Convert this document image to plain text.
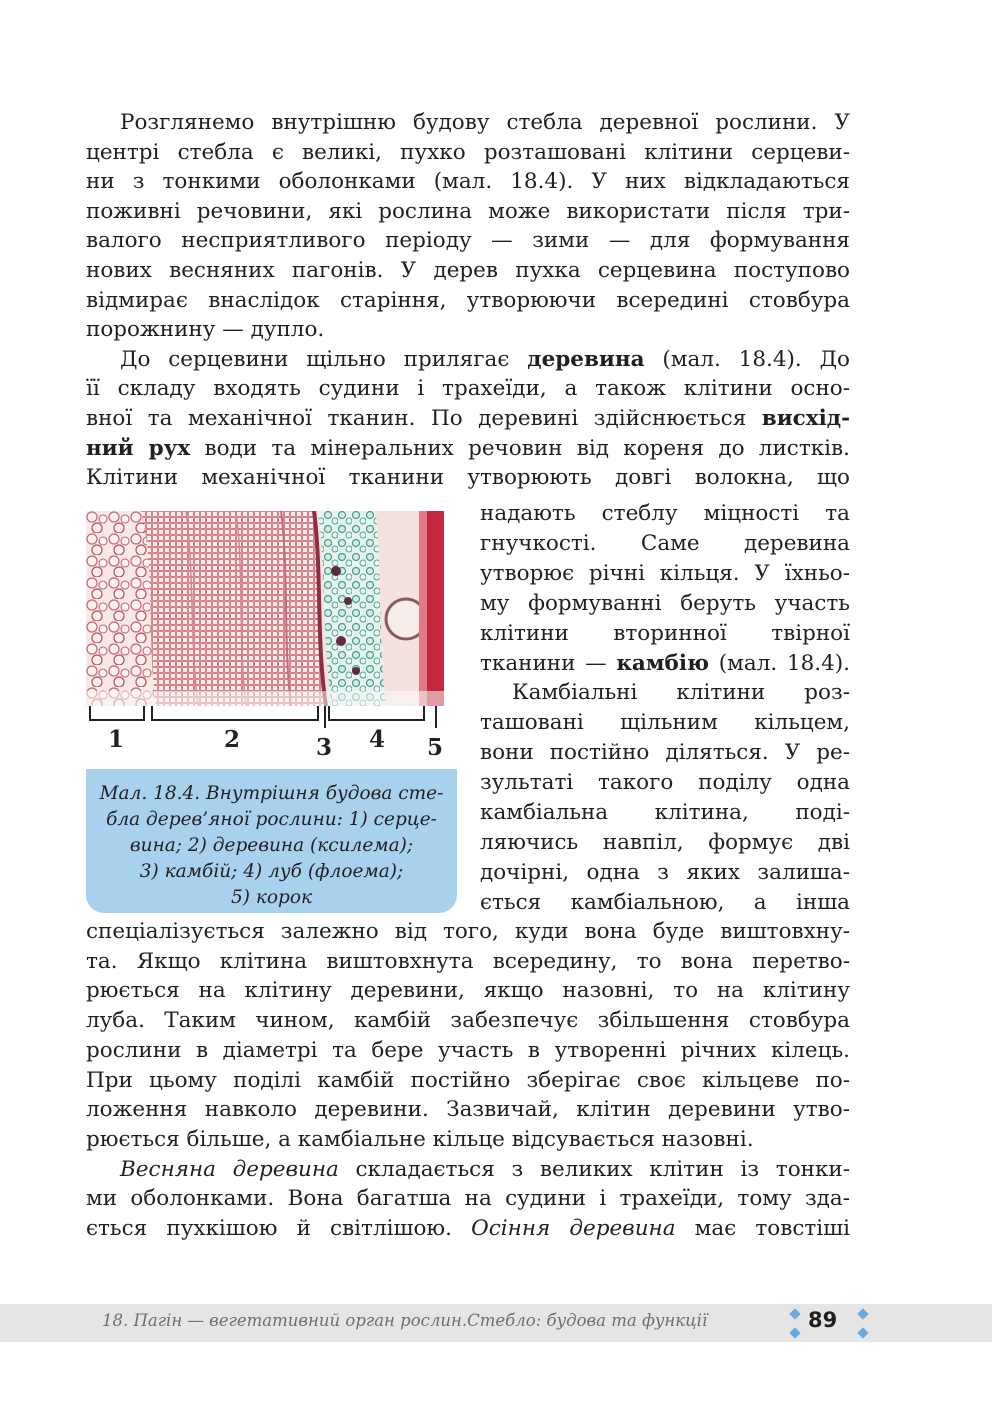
Розглянемо внутрішню будову стебла деревної рослини. У
центрі стебла є великі, пухко розташовані клітини серцеви-
ни з тонкими оболонками (мал. 18.4). У них відкладаються
поживні речовини, які рослина може використати після три-
валого несприятливого періоду — зими — для формування
нових весняних пагонів. У дерев пухка серцевина поступово
відмирає внаслідок старіння, утворюючи всередині стовбура
порожнину — дупло.
До серцевини щільно прилягає деревина (мал. 18.4). До
її складу входять судини і трахеїди, а також клітини осно-
вної та механічної тканин. По деревині здійснюється висхід-
ний рух води та мінеральних речовин від кореня до листків.
Клітини механічної тканини утворюють довгі волокна, що
надають стеблу міцності та
гнучкості. Саме деревина
утворює річні кільця. У їхньо-
му формуванні беруть участь
клітини вторинної твірної
тканини — камбію (мал. 18.4).
Камбіальні клітини роз-
ташовані щільним кільцем,
вони постійно діляться. У ре-
зультаті такого поділу одна
камбіальна клітина, поді-
ляючись навпіл, формує дві
дочірні, одна з яких залиша-
ється камбіальною, а інша
спеціалізується залежно від того, куди вона буде виштовхну-
та. Якщо клітина виштовхнута всередину, то вона перетво-
рюється на клітину деревини, якщо назовні, то на клітину
луба. Таким чином, камбій забезпечує збільшення стовбура
рослини в діаметрі та бере участь в утворенні річних кілець.
При цьому поділі камбій постійно зберігає своє кільцеве по-
ложення навколо деревини. Зазвичай, клітин деревини утво-
рюється більше, а камбіальне кільце відсувається назовні.
Весняна деревина складається з великих клітин із тонки-
ми оболонками. Вона багатша на судини і трахеїди, тому зда-
ється пухкішою й світлішою. Осіння деревина має товстіші
1	2	3 4 5
Мал. 18.4. Внутрішня будова сте-
бла дерев’яної рослини: 1) серце-
вина; 2) деревина (ксилема);
3) камбій; 4) луб (флоема);
5) корок
18. Пагін — вегетативний орган рослин.Стебло: будова та функції	89
